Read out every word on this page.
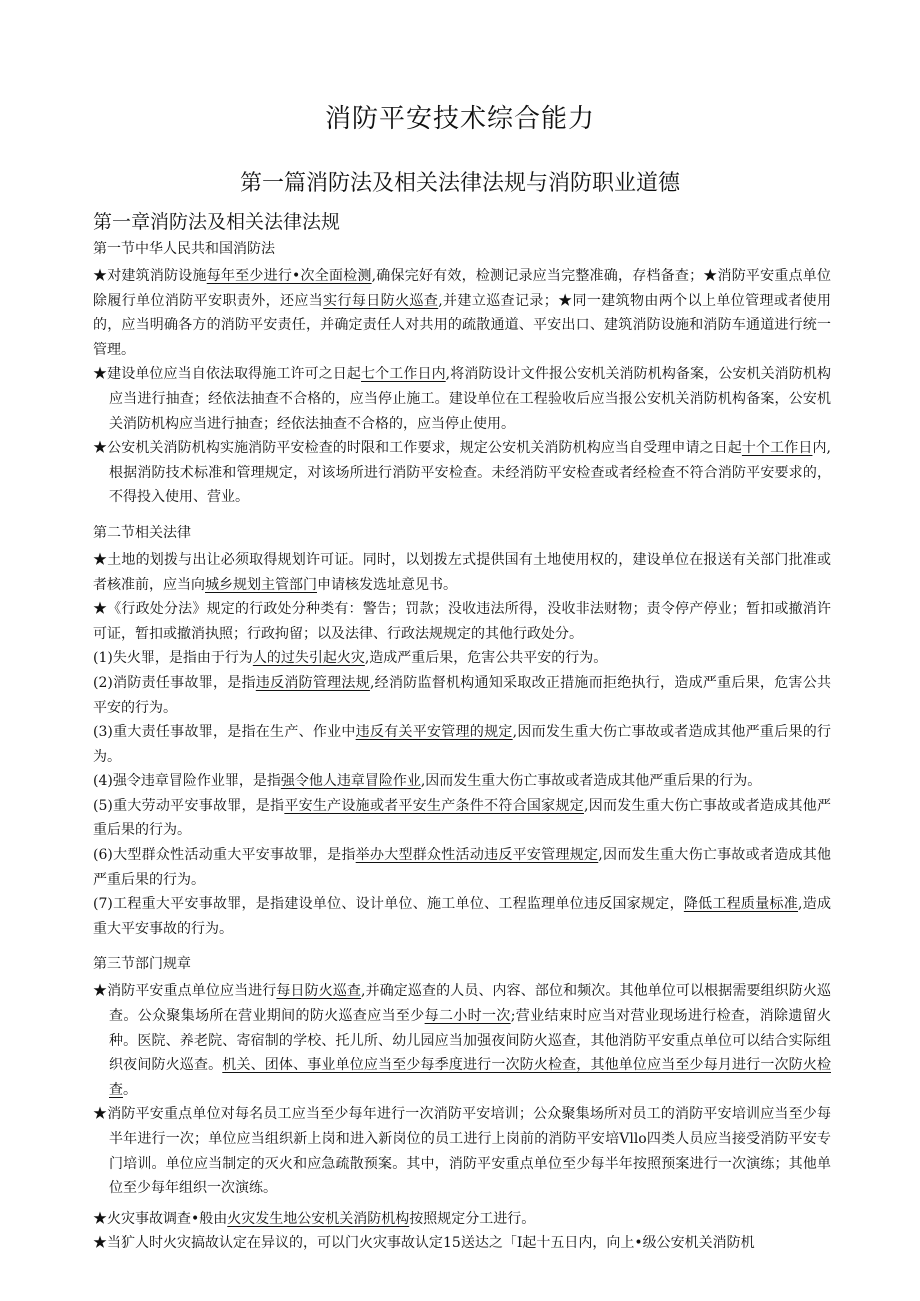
消防平安技术综合能力
第一篇消防法及相关法律法规与消防职业道德
第一章消防法及相关法律法规
第一节中华人民共和国消防法

★对建筑消防设施每年至少进行•次全面检测,确保完好有效，检测记录应当完整准确，存档备查；★消防平安重点单位除履行单位消防平安职责外，还应当实行每日防火巡查,并建立巡查记录；★同一建筑物由两个以上单位管理或者使用的，应当明确各方的消防平安责任，并确定责任人对共用的疏散通道、平安出口、建筑消防设施和消防车通道进行统一管理。

★建设单位应当自依法取得施工许可之日起七个工作日内,将消防设计文件报公安机关消防机构备案，公安机关消防机构应当进行抽查；经依法抽查不合格的，应当停止施工。建设单位在工程验收后应当报公安机关消防机构备案，公安机关消防机构应当进行抽查；经依法抽查不合格的，应当停止使用。

★公安机关消防机构实施消防平安检查的时限和工作要求，规定公安机关消防机构应当自受理申请之日起十个工作日内,根据消防技术标准和管理规定，对该场所进行消防平安检查。未经消防平安检查或者经检查不符合消防平安要求的，不得投入使用、营业。

第二节相关法律

★土地的划拨与出让必须取得规划许可证。同时，以划拨左式提供国有土地使用权的，建设单位在报送有关部门批准或者核准前，应当向城乡规划主管部门申请核发选址意见书。

★《行政处分法》规定的行政处分种类有：警告；罚款；没收违法所得，没收非法财物；责令停产停业；暂扣或撤消许可证，暂扣或撤消执照；行政拘留；以及法律、行政法规规定的其他行政处分。

(1)失火罪，是指由于行为人的过失引起火灾,造成严重后果，危害公共平安的行为。

(2)消防责任事故罪，是指违反消防管理法规,经消防监督机构通知采取改正措施而拒绝执行，造成严重后果，危害公共平安的行为。

(3)重大责任事故罪，是指在生产、作业中违反有关平安管理的规定,因而发生重大伤亡事故或者造成其他严重后果的行为。

(4)强令违章冒险作业罪，是指强令他人违章冒险作业,因而发生重大伤亡事故或者造成其他严重后果的行为。

(5)重大劳动平安事故罪，是指平安生产设施或者平安生产条件不符合国家规定,因而发生重大伤亡事故或者造成其他严重后果的行为。

(6)大型群众性活动重大平安事故罪，是指举办大型群众性活动违反平安管理规定,因而发生重大伤亡事故或者造成其他严重后果的行为。

(7)工程重大平安事故罪，是指建设单位、设计单位、施工单位、工程监理单位违反国家规定，降低工程质量标准,造成重大平安事故的行为。

第三节部门规章

★消防平安重点单位应当进行每日防火巡查,并确定巡查的人员、内容、部位和频次。其他单位可以根据需要组织防火巡查。公众聚集场所在营业期间的防火巡查应当至少每二小时一次;营业结束时应当对营业现场进行检查，消除遗留火种。医院、养老院、寄宿制的学校、托儿所、幼儿园应当加强夜间防火巡查，其他消防平安重点单位可以结合实际组织夜间防火巡查。机关、团体、事业单位应当至少每季度进行一次防火检查，其他单位应当至少每月进行一次防火检查。

★消防平安重点单位对每名员工应当至少每年进行一次消防平安培训；公众聚集场所对员工的消防平安培训应当至少每半年进行一次；单位应当组织新上岗和进入新岗位的员工进行上岗前的消防平安培Vllo四类人员应当接受消防平安专门培训。单位应当制定的灭火和应急疏散预案。其中，消防平安重点单位至少每半年按照预案进行一次演练；其他单位至少每年组织一次演练。

★火灾事故调查•般由火灾发生地公安机关消防机构按照规定分工进行。

★当犷人时火灾搞故认定在异议的，可以门火灾事故认定15送达之「I起十五日内，向上•级公安机关消防机
